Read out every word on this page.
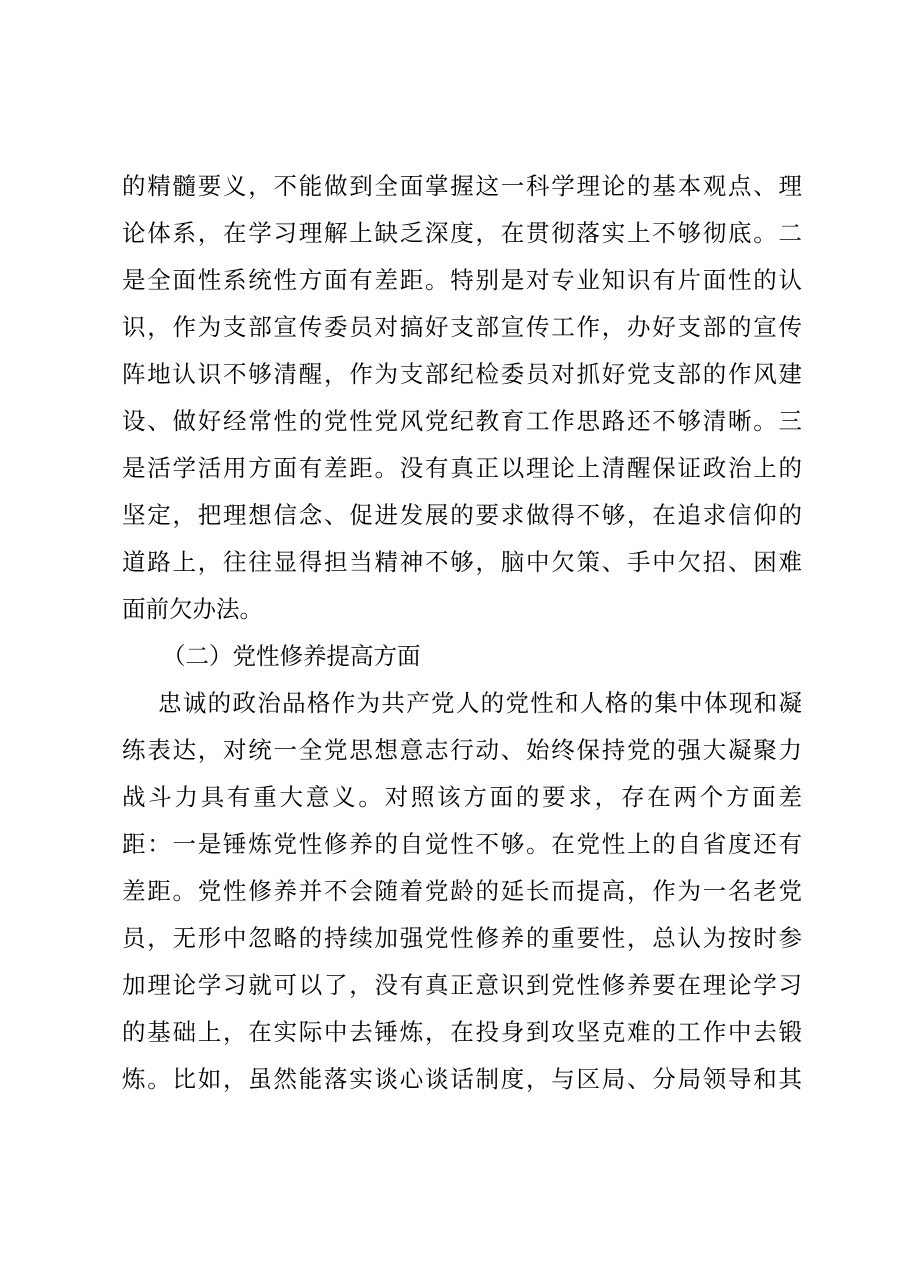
的精髓要义，不能做到全面掌握这一科学理论的基本观点、理
论体系，在学习理解上缺乏深度，在贯彻落实上不够彻底。二
是全面性系统性方面有差距。特别是对专业知识有片面性的认
识，作为支部宣传委员对搞好支部宣传工作，办好支部的宣传
阵地认识不够清醒，作为支部纪检委员对抓好党支部的作风建
设、做好经常性的党性党风党纪教育工作思路还不够清晰。三
是活学活用方面有差距。没有真正以理论上清醒保证政治上的
坚定，把理想信念、促进发展的要求做得不够，在追求信仰的
道路上，往往显得担当精神不够，脑中欠策、手中欠招、困难
面前欠办法。
（二）党性修养提高方面
忠诚的政治品格作为共产党人的党性和人格的集中体现和凝
练表达，对统一全党思想意志行动、始终保持党的强大凝聚力
战斗力具有重大意义。对照该方面的要求，存在两个方面差
距：一是锤炼党性修养的自觉性不够。在党性上的自省度还有
差距。党性修养并不会随着党龄的延长而提高，作为一名老党
员，无形中忽略的持续加强党性修养的重要性，总认为按时参
加理论学习就可以了，没有真正意识到党性修养要在理论学习
的基础上，在实际中去锤炼，在投身到攻坚克难的工作中去锻
炼。比如，虽然能落实谈心谈话制度，与区局、分局领导和其
